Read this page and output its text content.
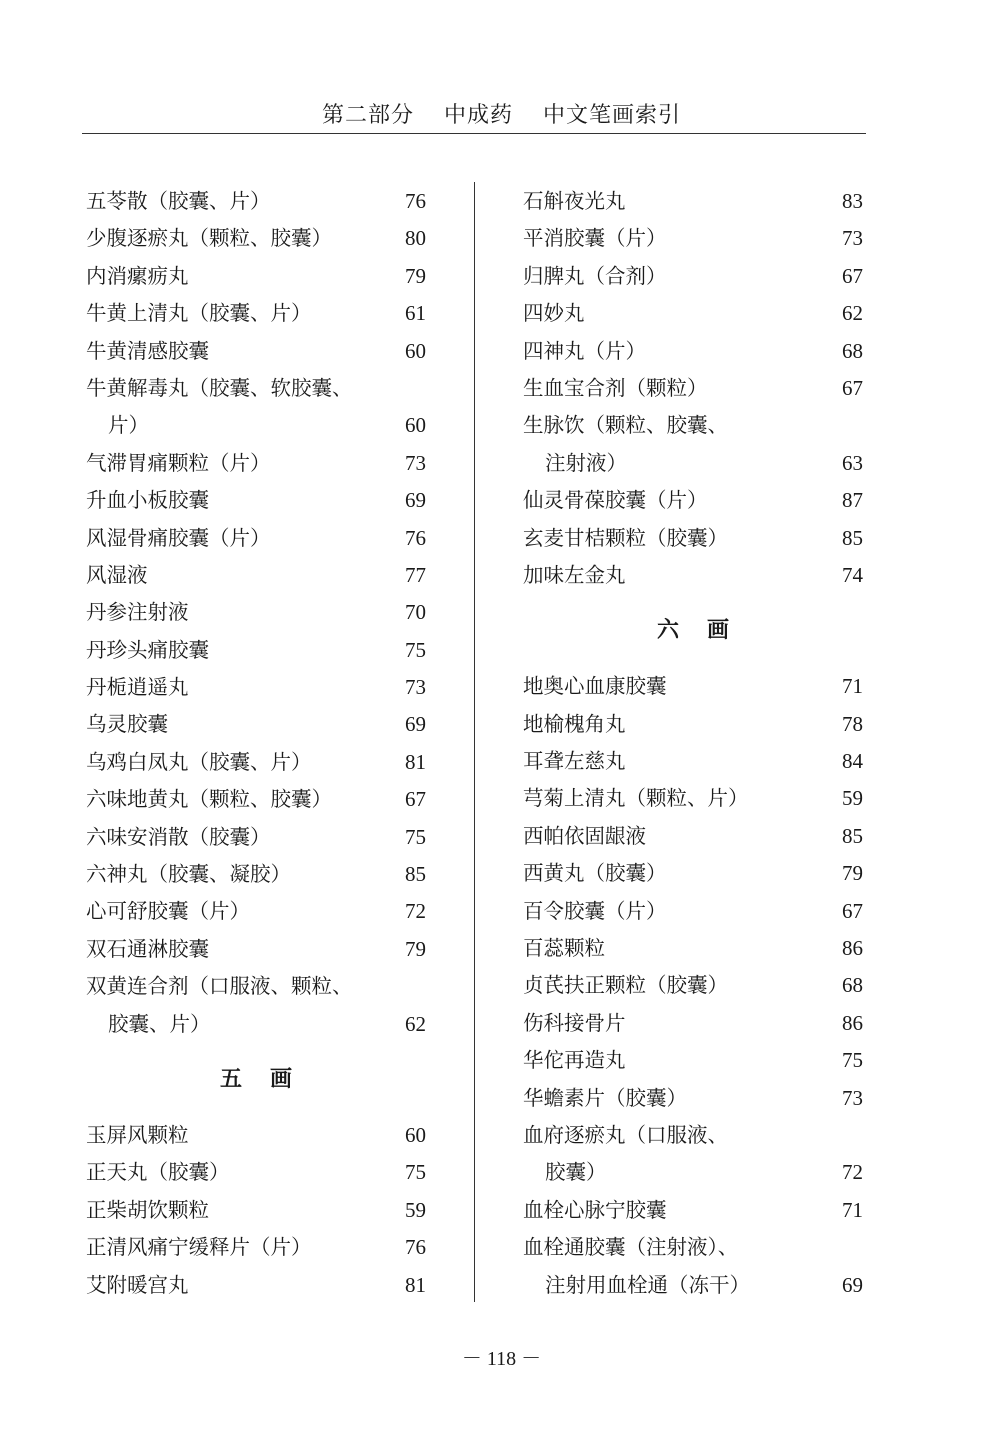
第二部分 中成药 中文笔画索引
五苓散（胶囊、片）	76
少腹逐瘀丸（颗粒、胶囊）	80
内消瘰疬丸	79
牛黄上清丸（胶囊、片）	61
牛黄清感胶囊	60
牛黄解毒丸（胶囊、软胶囊、
片）	60
气滞胃痛颗粒（片）	73
升血小板胶囊	69
风湿骨痛胶囊（片）	76
风湿液	77
丹参注射液	70
丹珍头痛胶囊	75
丹栀逍遥丸	73
乌灵胶囊	69
乌鸡白凤丸（胶囊、片）	81
六味地黄丸（颗粒、胶囊）	67
六味安消散（胶囊）	75
六神丸（胶囊、凝胶）	85
心可舒胶囊（片）	72
双石通淋胶囊	79
双黄连合剂（口服液、颗粒、
胶囊、片）	62
五 画
玉屏风颗粒	60
正天丸（胶囊）	75
正柴胡饮颗粒	59
正清风痛宁缓释片（片）	76
艾附暖宫丸	81
石斛夜光丸	83
平消胶囊（片）	73
归脾丸（合剂）	67
四妙丸	62
四神丸（片）	68
生血宝合剂（颗粒）	67
生脉饮（颗粒、胶囊、
注射液）	63
仙灵骨葆胶囊（片）	87
玄麦甘桔颗粒（胶囊）	85
加味左金丸	74
六 画
地奥心血康胶囊	71
地榆槐角丸	78
耳聋左慈丸	84
芎菊上清丸（颗粒、片）	59
西帕依固龈液	85
西黄丸（胶囊）	79
百令胶囊（片）	67
百蕊颗粒	86
贞芪扶正颗粒（胶囊）	68
伤科接骨片	86
华佗再造丸	75
华蟾素片（胶囊）	73
血府逐瘀丸（口服液、
胶囊）	72
血栓心脉宁胶囊	71
血栓通胶囊（注射液）、
注射用血栓通（冻干）	69
－ 118 －
